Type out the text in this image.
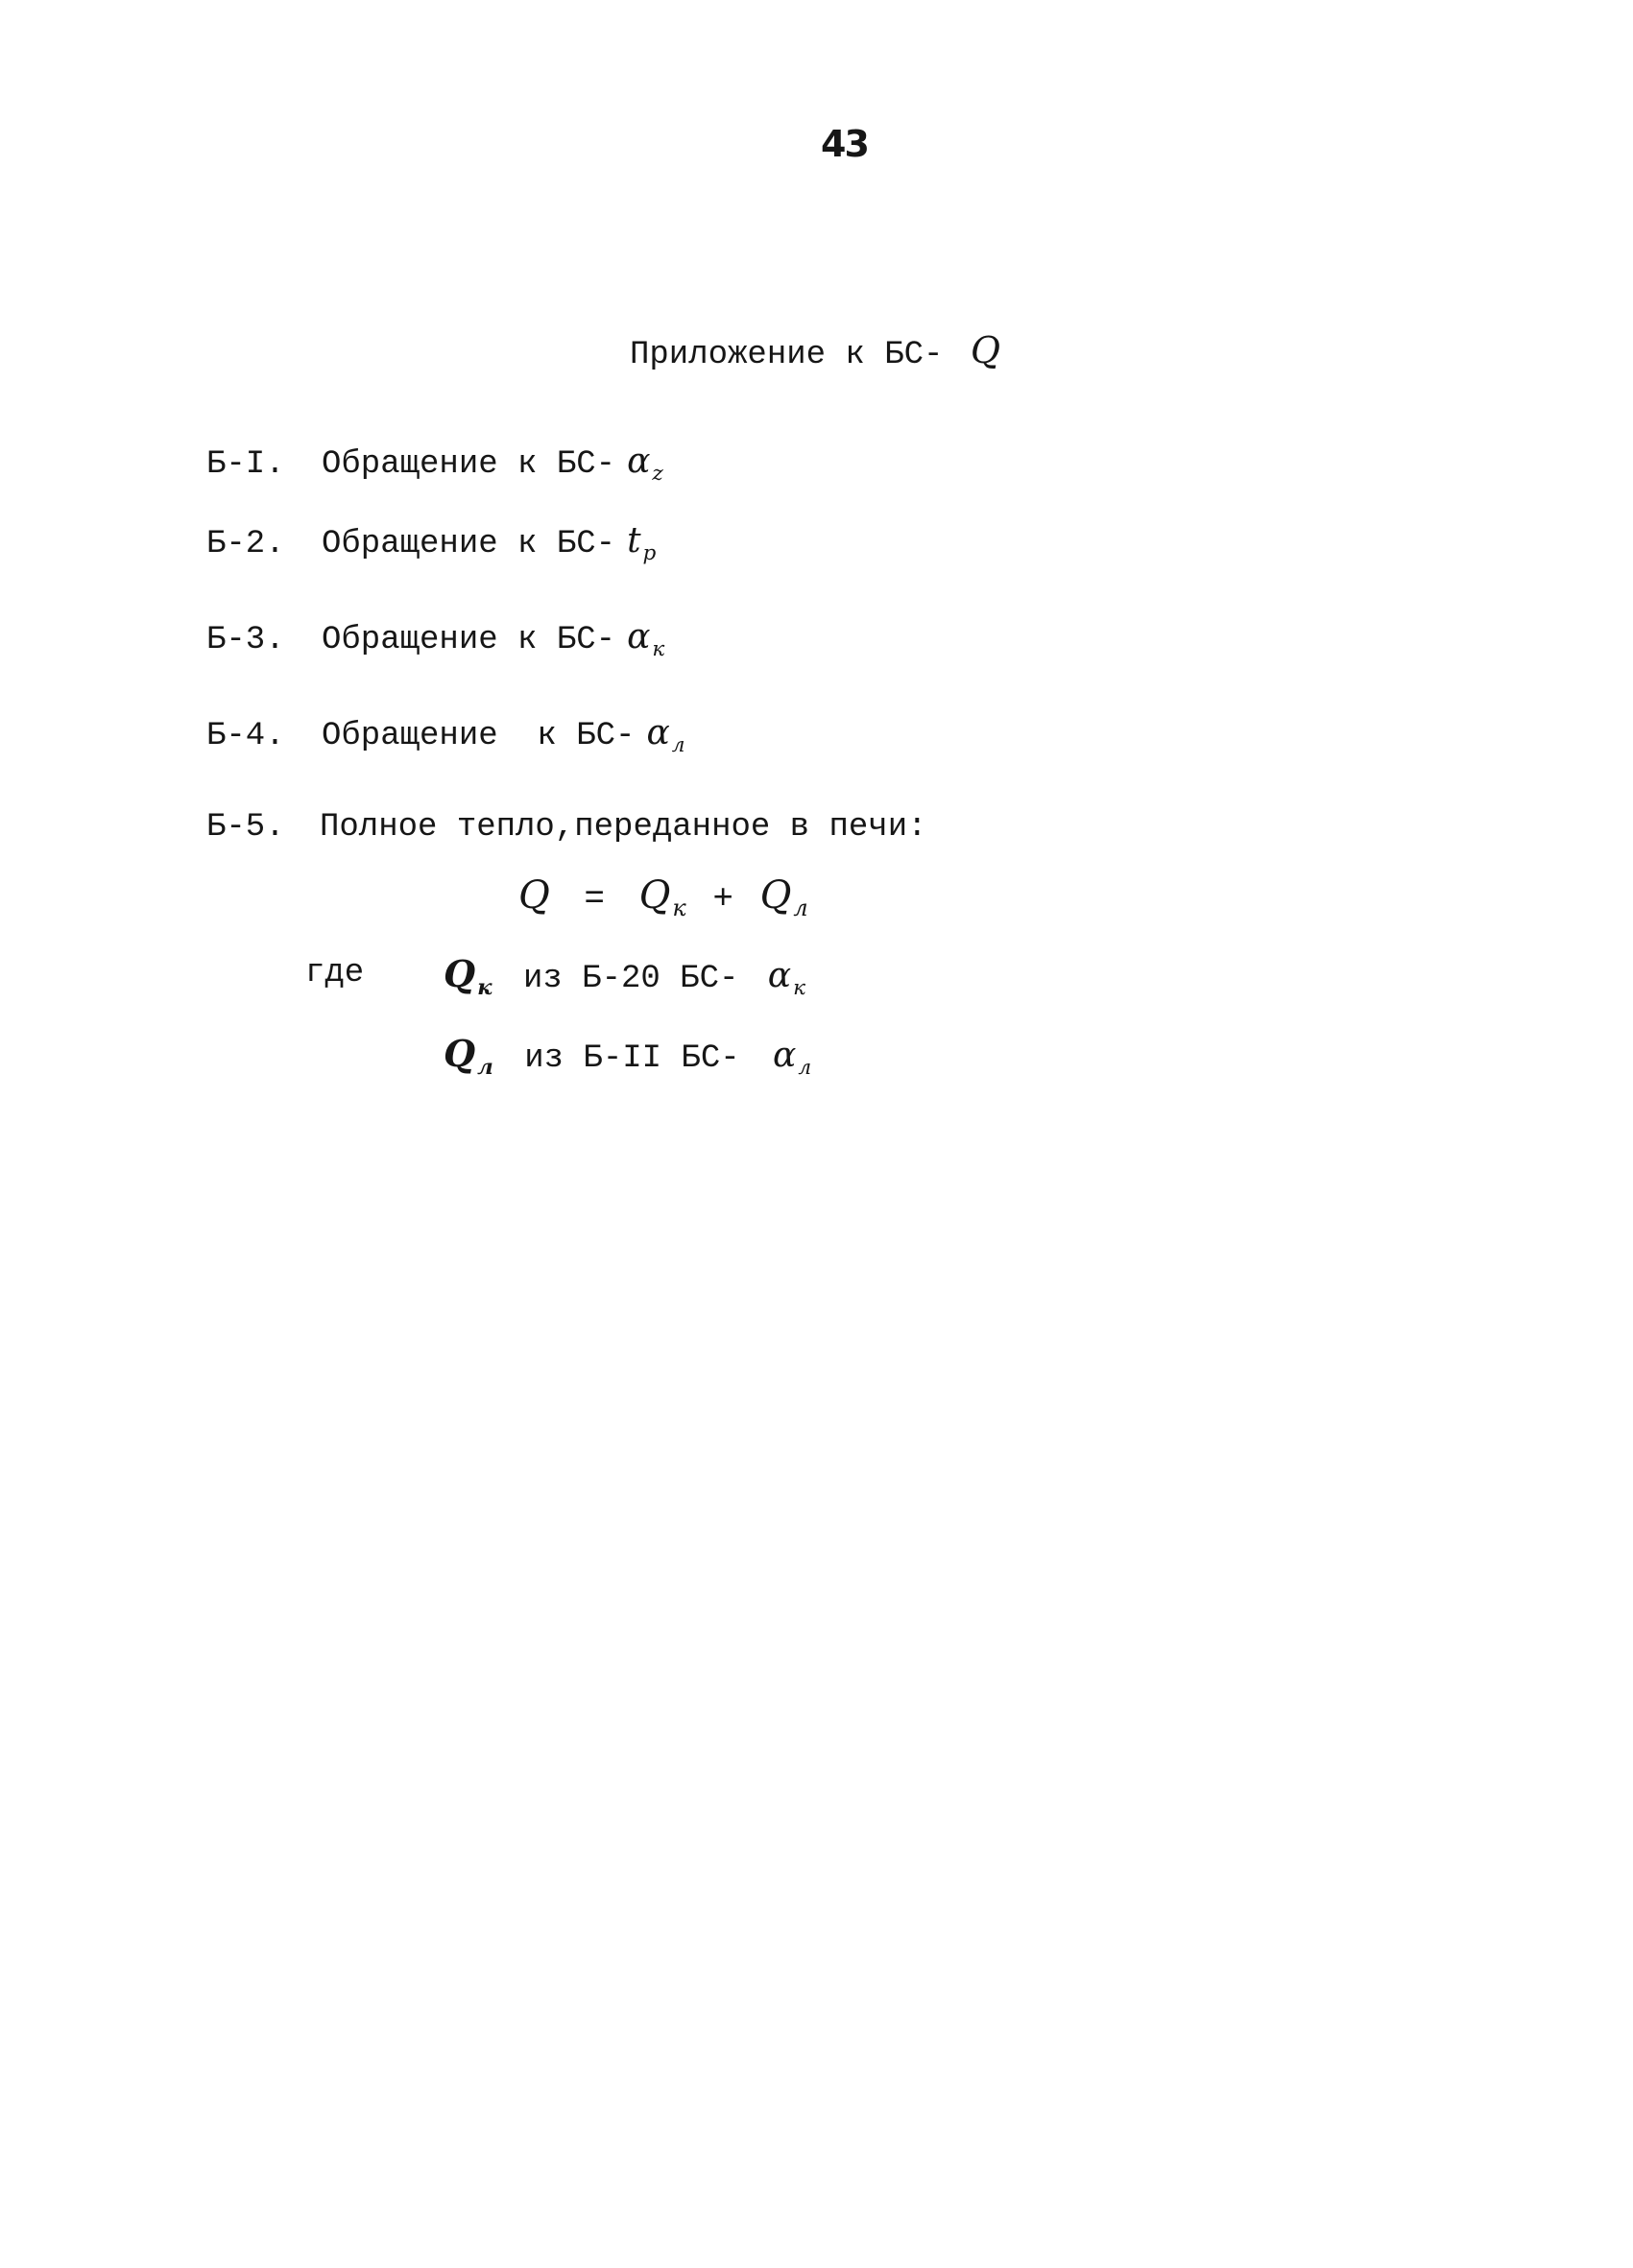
43
Приложение к БС- Q
Б-I. Обращение к БС- $\alpha_z$
Б-2. Обращение к БС- $t_р$
Б-3. Обращение к БС- $\alpha_к$
Б-4. Обращение  к БС- $\alpha_л$
Б-5. Полное тепло,переданное в печи:
$Q = Q_к + Q_л$
где $Q_к$ из Б-20 БС- $\alpha_к$
$Q_л$ из Б-II БС- $\alpha_л$
